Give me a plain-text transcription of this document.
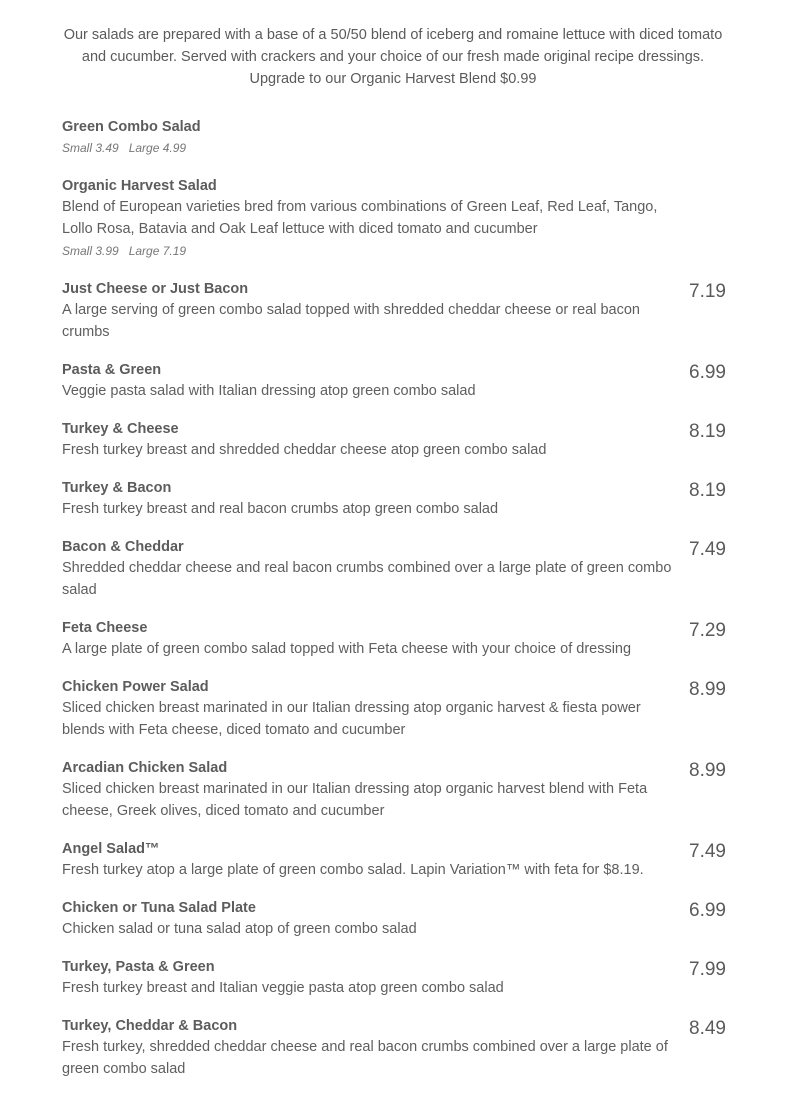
Our salads are prepared with a base of a 50/50 blend of iceberg and romaine lettuce with diced tomato and cucumber. Served with crackers and your choice of our fresh made original recipe dressings. Upgrade to our Organic Harvest Blend $0.99
Green Combo Salad
Small 3.49 Large 4.99
Organic Harvest Salad
Blend of European varieties bred from various combinations of Green Leaf, Red Leaf, Tango, Lollo Rosa, Batavia and Oak Leaf lettuce with diced tomato and cucumber
Small 3.99 Large 7.19
Just Cheese or Just Bacon
A large serving of green combo salad topped with shredded cheddar cheese or real bacon crumbs
7.19
Pasta & Green
Veggie pasta salad with Italian dressing atop green combo salad
6.99
Turkey & Cheese
Fresh turkey breast and shredded cheddar cheese atop green combo salad
8.19
Turkey & Bacon
Fresh turkey breast and real bacon crumbs atop green combo salad
8.19
Bacon & Cheddar
Shredded cheddar cheese and real bacon crumbs combined over a large plate of green combo salad
7.49
Feta Cheese
A large plate of green combo salad topped with Feta cheese with your choice of dressing
7.29
Chicken Power Salad
Sliced chicken breast marinated in our Italian dressing atop organic harvest & fiesta power blends with Feta cheese, diced tomato and cucumber
8.99
Arcadian Chicken Salad
Sliced chicken breast marinated in our Italian dressing atop organic harvest blend with Feta cheese, Greek olives, diced tomato and cucumber
8.99
Angel Salad™
Fresh turkey atop a large plate of green combo salad. Lapin Variation™ with feta for $8.19.
7.49
Chicken or Tuna Salad Plate
Chicken salad or tuna salad atop of green combo salad
6.99
Turkey, Pasta & Green
Fresh turkey breast and Italian veggie pasta atop green combo salad
7.99
Turkey, Cheddar & Bacon
Fresh turkey, shredded cheddar cheese and real bacon crumbs combined over a large plate of green combo salad
8.49
